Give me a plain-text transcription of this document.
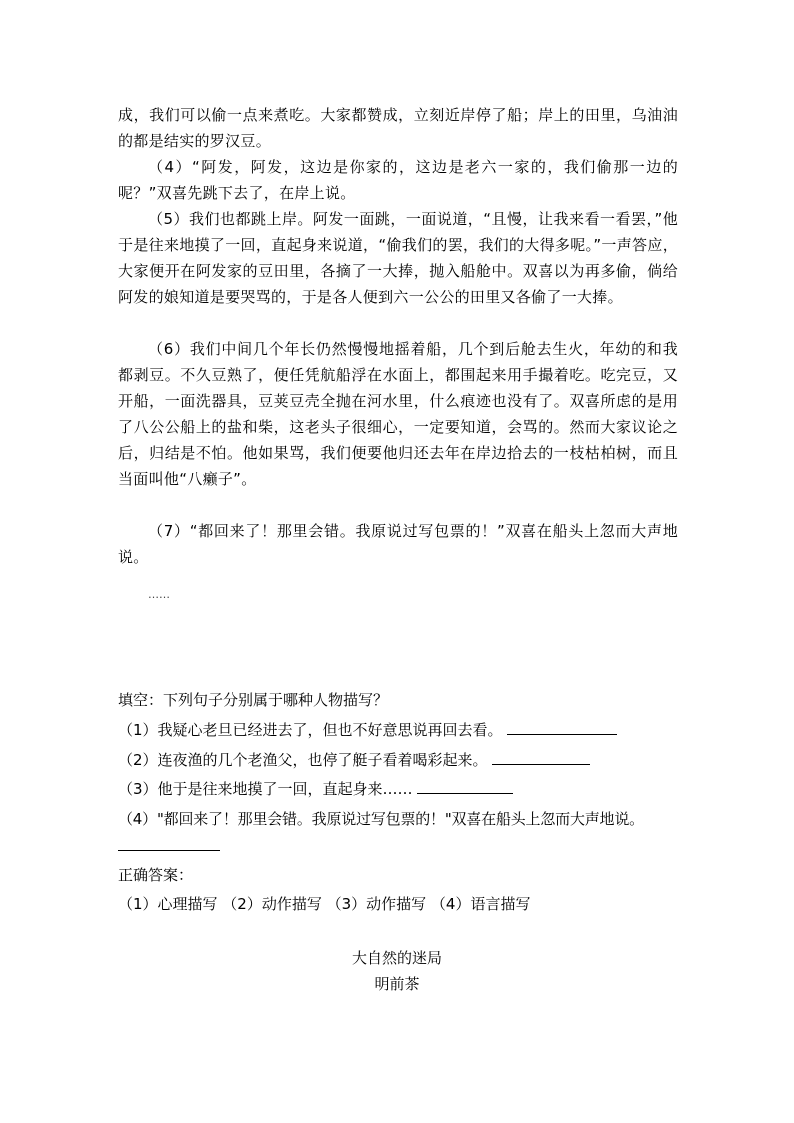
成，我们可以偷一点来煮吃。大家都赞成，立刻近岸停了船；岸上的田里，乌油油的都是结实的罗汉豆。
（4）“阿发，阿发，这边是你家的，这边是老六一家的，我们偷那一边的呢？”双喜先跳下去了，在岸上说。
（5）我们也都跳上岸。阿发一面跳，一面说道，“且慢，让我来看一看罢，”他于是往来地摸了一回，直起身来说道，“偷我们的罢，我们的大得多呢。”一声答应，大家便开在阿发家的豆田里，各摘了一大捧，抛入船舱中。双喜以为再多偷，倘给阿发的娘知道是要哭骂的，于是各人便到六一公公的田里又各偷了一大捧。
（6）我们中间几个年长仍然慢慢地摇着船，几个到后舱去生火，年幼的和我都剥豆。不久豆熟了，便任凭航船浮在水面上，都围起来用手撮着吃。吃完豆，又开船，一面洗器具，豆荚豆壳全抛在河水里，什么痕迹也没有了。双喜所虑的是用了八公公船上的盐和柴，这老头子很细心，一定要知道，会骂的。然而大家议论之后，归结是不怕。他如果骂，我们便要他归还去年在岸边拾去的一枝枯柏树，而且当面叫他“八癞子”。
（7）“都回来了！那里会错。我原说过写包票的！”双喜在船头上忽而大声地说。
……
填空：下列句子分别属于哪种人物描写？
（1）我疑心老旦已经进去了，但也不好意思说再回去看。
（2）连夜渔的几个老渔父，也停了艇子看着喝彩起来。
（3）他于是往来地摸了一回，直起身来……
（4）"都回来了！那里会错。我原说过写包票的！"双喜在船头上忽而大声地说。
正确答案：
（1）心理描写 （2）动作描写 （3）动作描写 （4）语言描写
大自然的迷局
明前茶
